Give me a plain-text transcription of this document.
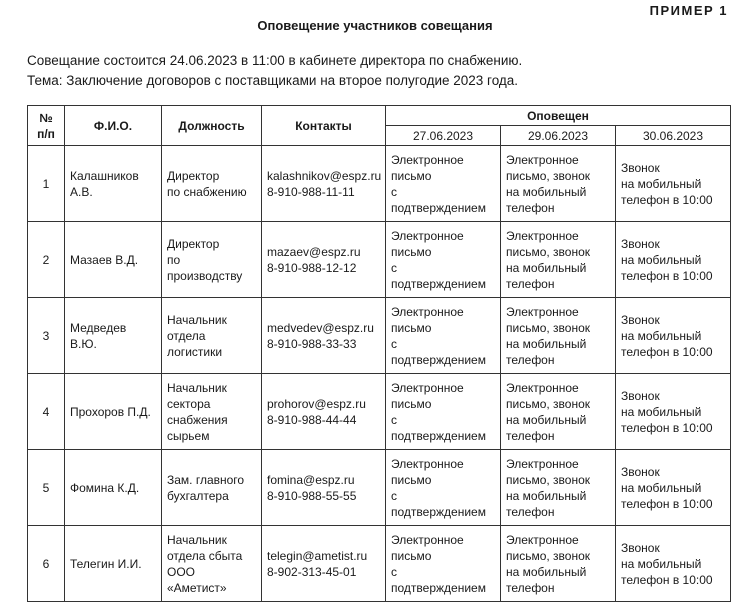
ПРИМЕР 1
Оповещение участников совещания
Совещание состоится 24.06.2023 в 11:00 в кабинете директора по снабжению.
Тема: Заключение договоров с поставщиками на второе полугодие 2023 года.
№
п/п	Ф.И.О.	Должность	Контакты	Оповещен		
				27.06.2023	29.06.2023	30.06.2023
1	Калашников А.В.	Директор
по снабжению	kalashnikov@espz.ru
8-910-988-11-11	Электронное
письмо
с подтверждением	Электронное
письмо, звонок
на мобильный
телефон	Звонок
на мобильный
телефон в 10:00
2	Мазаев В.Д.	Директор
по производству	mazaev@espz.ru
8-910-988-12-12	Электронное
письмо
с подтверждением	Электронное
письмо, звонок
на мобильный
телефон	Звонок
на мобильный
телефон в 10:00
3	Медведев В.Ю.	Начальник
отдела
логистики	medvedev@espz.ru
8-910-988-33-33	Электронное
письмо
с подтверждением	Электронное
письмо, звонок
на мобильный
телефон	Звонок
на мобильный
телефон в 10:00
4	Прохоров П.Д.	Начальник
сектора
снабжения
сырьем	prohorov@espz.ru
8-910-988-44-44	Электронное
письмо
с подтверждением	Электронное
письмо, звонок
на мобильный
телефон	Звонок
на мобильный
телефон в 10:00
5	Фомина К.Д.	Зам. главного
бухгалтера	fomina@espz.ru
8-910-988-55-55	Электронное
письмо
с подтверждением	Электронное
письмо, звонок
на мобильный
телефон	Звонок
на мобильный
телефон в 10:00
6	Телегин И.И.	Начальник
отдела сбыта
ООО «Аметист»	telegin@ametist.ru
8-902-313-45-01	Электронное
письмо
с подтверждением	Электронное
письмо, звонок
на мобильный
телефон	Звонок
на мобильный
телефон в 10:00
